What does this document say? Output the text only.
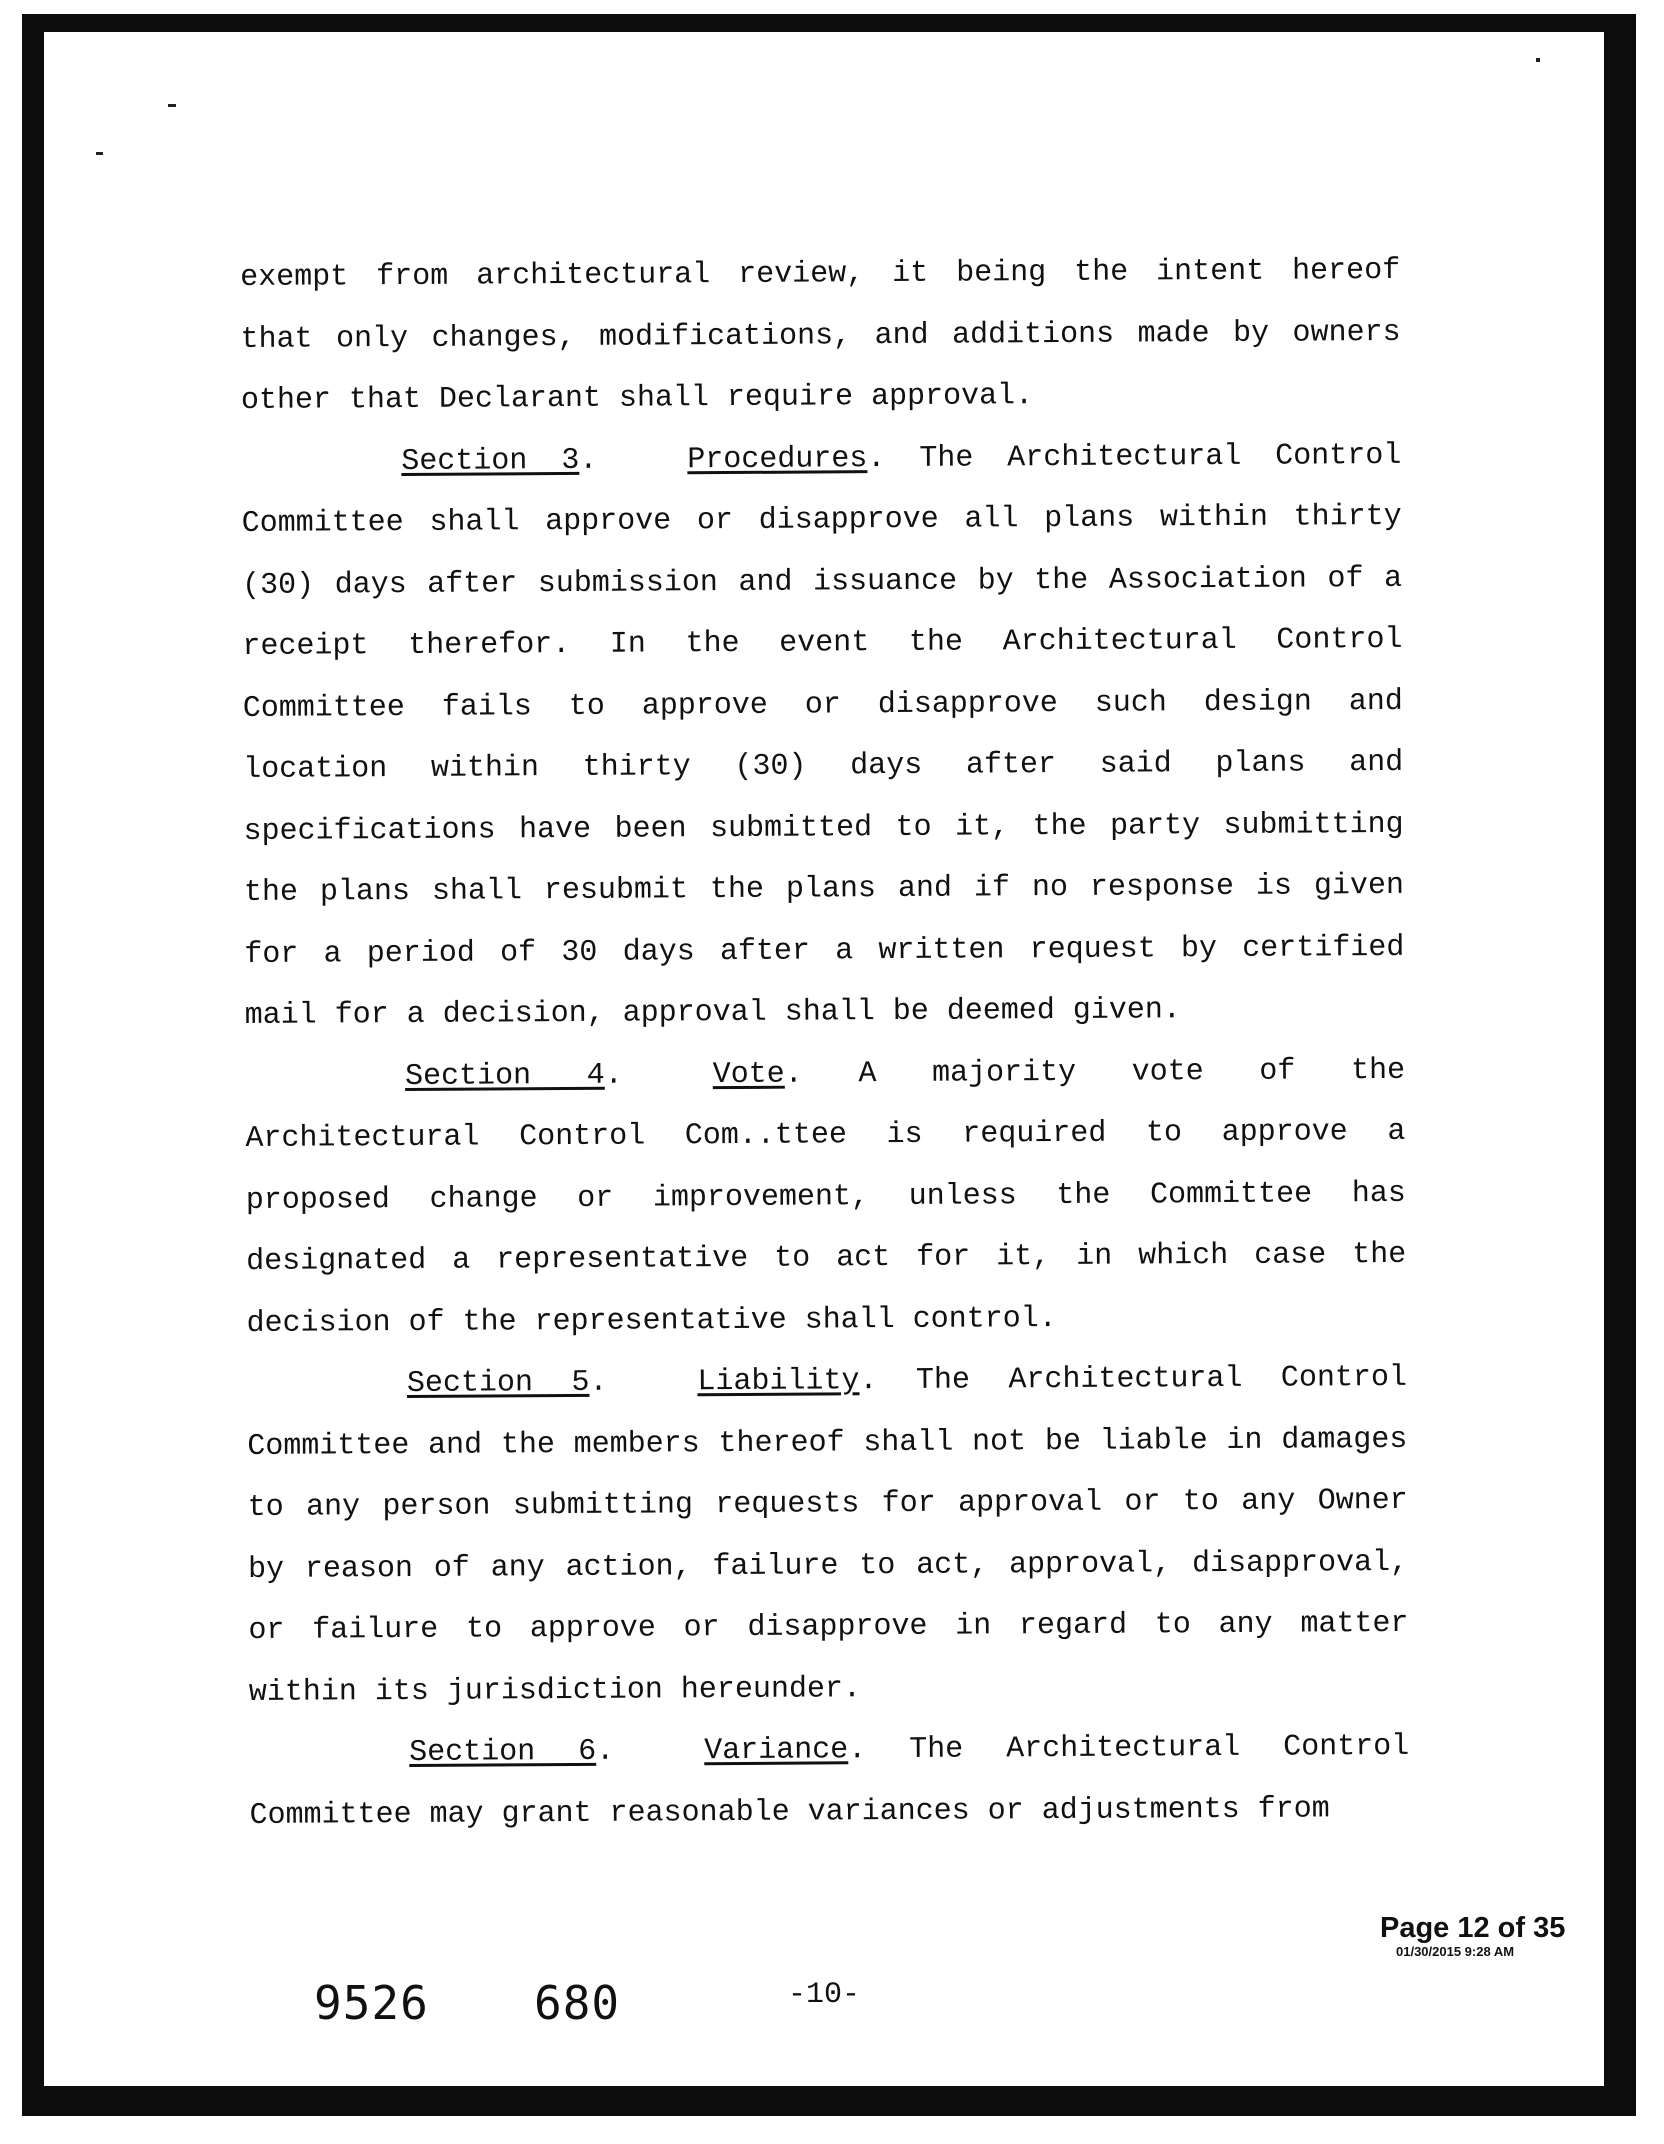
exempt from architectural review, it being the intent hereof that only changes, modifications, and additions made by owners other that Declarant shall require approval.

Section 3.	Procedures. The Architectural Control Committee shall approve or disapprove all plans within thirty (30) days after submission and issuance by the Association of a receipt therefor. In the event the Architectural Control Committee fails to approve or disapprove such design and location within thirty (30) days after said plans and specifications have been submitted to it, the party submitting the plans shall resubmit the plans and if no response is given for a period of 30 days after a written request by certified mail for a decision, approval shall be deemed given.

Section 4.	Vote. A majority vote of the Architectural Control Com..ttee is required to approve a proposed change or improvement, unless the Committee has designated a representative to act for it, in which case the decision of the representative shall control.

Section 5.	Liability. The Architectural Control Committee and the members thereof shall not be liable in damages to any person submitting requests for approval or to any Owner by reason of any action, failure to act, approval, disapproval, or failure to approve or disapprove in regard to any matter within its jurisdiction hereunder.

Section 6.	Variance. The Architectural Control Committee may grant reasonable variances or adjustments from

Page 12 of 35
01/30/2015 9:28 AM
9526 680	-10-
